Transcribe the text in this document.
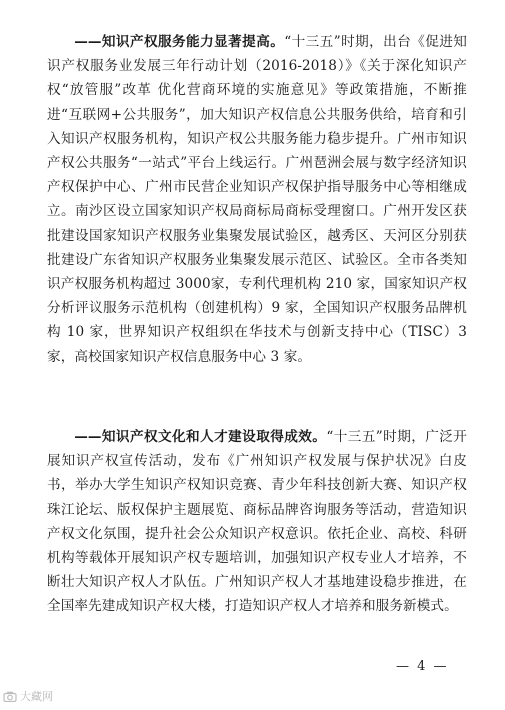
——知识产权服务能力显著提高。“十三五”时期，出台《促进知识产权服务业发展三年行动计划（2016-2018）》《关于深化知识产权“放管服”改革 优化营商环境的实施意见》等政策措施，不断推进“互联网+公共服务”，加大知识产权信息公共服务供给，培育和引入知识产权服务机构，知识产权公共服务能力稳步提升。广州市知识产权公共服务“一站式”平台上线运行。广州琶洲会展与数字经济知识产权保护中心、广州市民营企业知识产权保护指导服务中心等相继成立。南沙区设立国家知识产权局商标局商标受理窗口。广州开发区获批建设国家知识产权服务业集聚发展试验区，越秀区、天河区分别获批建设广东省知识产权服务业集聚发展示范区、试验区。全市各类知识产权服务机构超过 3000家，专利代理机构 210 家，国家知识产权分析评议服务示范机构（创建机构）9 家，全国知识产权服务品牌机构 10 家，世界知识产权组织在华技术与创新支持中心（TISC）3 家，高校国家知识产权信息服务中心 3 家。

——知识产权文化和人才建设取得成效。“十三五”时期，广泛开展知识产权宣传活动，发布《广州知识产权发展与保护状况》白皮书，举办大学生知识产权知识竞赛、青少年科技创新大赛、知识产权珠江论坛、版权保护主题展览、商标品牌咨询服务等活动，营造知识产权文化氛围，提升社会公众知识产权意识。依托企业、高校、科研机构等载体开展知识产权专题培训，加强知识产权专业人才培养，不断壮大知识产权人才队伍。广州知识产权人才基地建设稳步推进，在全国率先建成知识产权大楼，打造知识产权人才培养和服务新模式。

— 4 —
大藏网
